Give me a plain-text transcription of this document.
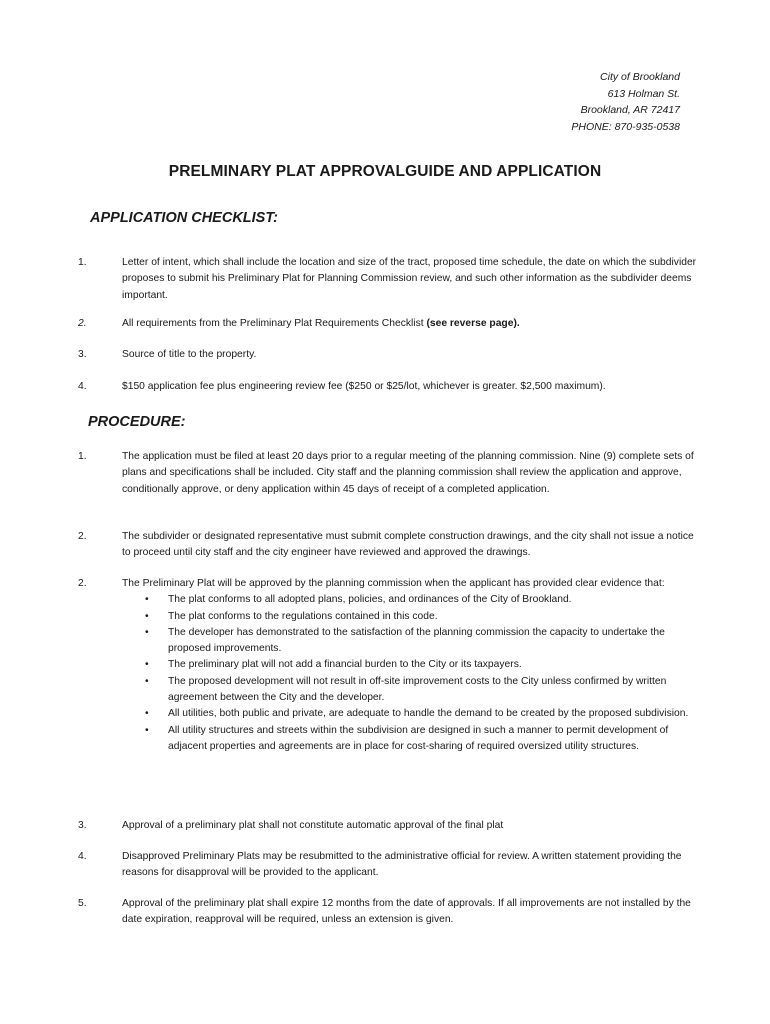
City of Brookland
613 Holman St.
Brookland, AR 72417
PHONE: 870-935-0538
PRELMINARY PLAT APPROVALGUIDE AND APPLICATION
APPLICATION CHECKLIST:
1.	Letter of intent, which shall include the location and size of the tract, proposed time schedule, the date on which the subdivider proposes to submit his Preliminary Plat for Planning Commission review, and such other information as the subdivider deems important.
2.	All requirements from the Preliminary Plat Requirements Checklist (see reverse page).
3.	Source of title to the property.
4.	$150 application fee plus engineering review fee ($250 or $25/lot, whichever is greater. $2,500 maximum).
PROCEDURE:
1.	The application must be filed at least 20 days prior to a regular meeting of the planning commission. Nine (9) complete sets of plans and specifications shall be included. City staff and the planning commission shall review the application and approve, conditionally approve, or deny application within 45 days of receipt of a completed application.
2.	The subdivider or designated representative must submit complete construction drawings, and the city shall not issue a notice to proceed until city staff and the city engineer have reviewed and approved the drawings.
2.	The Preliminary Plat will be approved by the planning commission when the applicant has provided clear evidence that:
• The plat conforms to all adopted plans, policies, and ordinances of the City of Brookland.
• The plat conforms to the regulations contained in this code.
• The developer has demonstrated to the satisfaction of the planning commission the capacity to undertake the proposed improvements.
• The preliminary plat will not add a financial burden to the City or its taxpayers.
• The proposed development will not result in off-site improvement costs to the City unless confirmed by written agreement between the City and the developer.
• All utilities, both public and private, are adequate to handle the demand to be created by the proposed subdivision.
• All utility structures and streets within the subdivision are designed in such a manner to permit development of adjacent properties and agreements are in place for cost-sharing of required oversized utility structures.
3.	Approval of a preliminary plat shall not constitute automatic approval of the final plat
4.	Disapproved Preliminary Plats may be resubmitted to the administrative official for review. A written statement providing the reasons for disapproval will be provided to the applicant.
5.	Approval of the preliminary plat shall expire 12 months from the date of approvals. If all improvements are not installed by the date expiration, reapproval will be required, unless an extension is given.
